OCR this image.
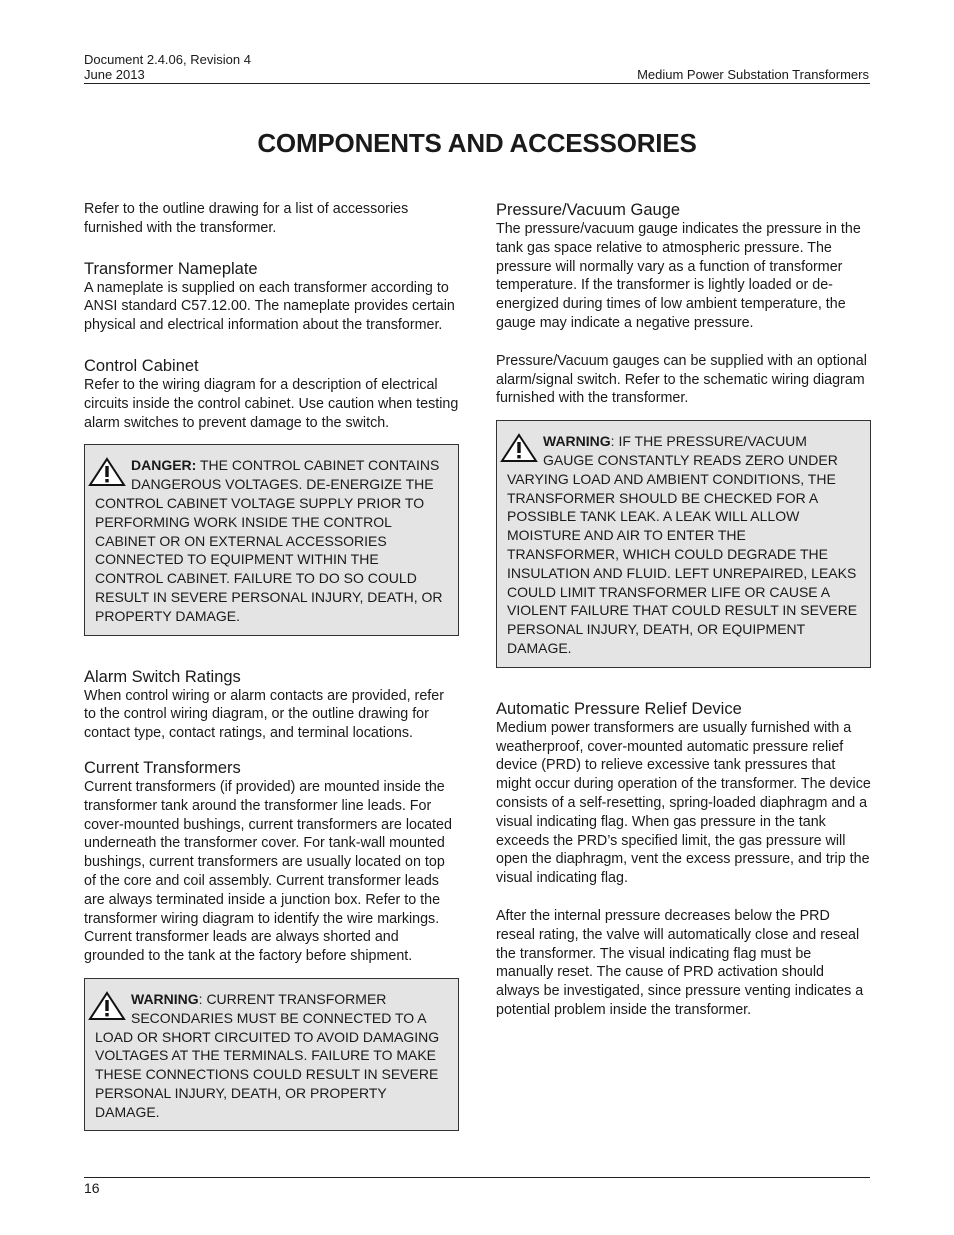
Document 2.4.06, Revision 4
June 2013	Medium Power Substation Transformers
COMPONENTS AND ACCESSORIES

Refer to the outline drawing for a list of accessories furnished with the transformer.

Transformer Nameplate

A nameplate is supplied on each transformer according to ANSI standard C57.12.00. The nameplate provides certain physical and electrical information about the transformer.

Control Cabinet

Refer to the wiring diagram for a description of electrical circuits inside the control cabinet. Use caution when testing alarm switches to prevent damage to the switch.

DANGER: THE CONTROL CABINET CONTAINS DANGEROUS VOLTAGES. DE-ENERGIZE THE CONTROL CABINET VOLTAGE SUPPLY PRIOR TO PERFORMING WORK INSIDE THE CONTROL CABINET OR ON EXTERNAL ACCESSORIES CONNECTED TO EQUIPMENT WITHIN THE CONTROL CABINET. FAILURE TO DO SO COULD RESULT IN SEVERE PERSONAL INJURY, DEATH, OR PROPERTY DAMAGE.
Alarm Switch Ratings

When control wiring or alarm contacts are provided, refer to the control wiring diagram, or the outline drawing for contact type, contact ratings, and terminal locations.

Current Transformers

Current transformers (if provided) are mounted inside the transformer tank around the transformer line leads. For cover-mounted bushings, current transformers are located underneath the transformer cover. For tank-wall mounted bushings, current transformers are usually located on top of the core and coil assembly. Current transformer leads are always terminated inside a junction box. Refer to the transformer wiring diagram to identify the wire markings. Current transformer leads are always shorted and grounded to the tank at the factory before shipment.

WARNING: CURRENT TRANSFORMER SECONDARIES MUST BE CONNECTED TO A LOAD OR SHORT CIRCUITED TO AVOID DAMAGING VOLTAGES AT THE TERMINALS. FAILURE TO MAKE THESE CONNECTIONS COULD RESULT IN SEVERE PERSONAL INJURY, DEATH, OR PROPERTY DAMAGE.
Pressure/Vacuum Gauge

The pressure/vacuum gauge indicates the pressure in the tank gas space relative to atmospheric pressure. The pressure will normally vary as a function of transformer temperature. If the transformer is lightly loaded or de-energized during times of low ambient temperature, the gauge may indicate a negative pressure.

Pressure/Vacuum gauges can be supplied with an optional alarm/signal switch. Refer to the schematic wiring diagram furnished with the transformer.

WARNING: IF THE PRESSURE/VACUUM GAUGE CONSTANTLY READS ZERO UNDER VARYING LOAD AND AMBIENT CONDITIONS, THE TRANSFORMER SHOULD BE CHECKED FOR A POSSIBLE TANK LEAK. A LEAK WILL ALLOW MOISTURE AND AIR TO ENTER THE TRANSFORMER, WHICH COULD DEGRADE THE INSULATION AND FLUID. LEFT UNREPAIRED, LEAKS COULD LIMIT TRANSFORMER LIFE OR CAUSE A VIOLENT FAILURE THAT COULD RESULT IN SEVERE PERSONAL INJURY, DEATH, OR EQUIPMENT DAMAGE.
Automatic Pressure Relief Device

Medium power transformers are usually furnished with a weatherproof, cover-mounted automatic pressure relief device (PRD) to relieve excessive tank pressures that might occur during operation of the transformer. The device consists of a self-resetting, spring-loaded diaphragm and a visual indicating flag. When gas pressure in the tank exceeds the PRD’s specified limit, the gas pressure will open the diaphragm, vent the excess pressure, and trip the visual indicating flag.

After the internal pressure decreases below the PRD reseal rating, the valve will automatically close and reseal the transformer. The visual indicating flag must be manually reset. The cause of PRD activation should always be investigated, since pressure venting indicates a potential problem inside the transformer.

16
